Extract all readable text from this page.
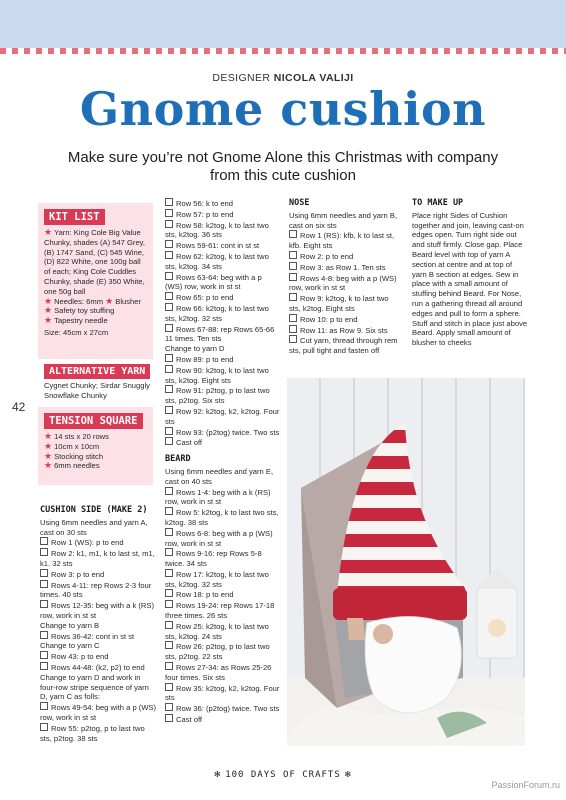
DESIGNER NICOLA VALIJI
Gnome cushion
Make sure you’re not Gnome Alone this Christmas with company from this cute cushion
42
KIT LIST
★ Yarn: King Cole Big Value Chunky, shades (A) 547 Grey, (B) 1747 Sand, (C) 545 Wine, (D) 822 White, one 100g ball of each; King Cole Cuddles Chunky, shade (E) 350 White, one 50g ball
★ Needles: 6mm ★ Blusher
★ Safety toy stuffing
★ Tapestry needle
Size: 45cm x 27cm
ALTERNATIVE YARN
Cygnet Chunky; Sirdar Snuggly Snowflake Chunky
TENSION SQUARE
★ 14 sts x 20 rows
★ 10cm x 10cm
★ Stocking stitch
★ 6mm needles
CUSHION SIDE (MAKE 2)
Using 6mm needles and yarn A, cast on 30 sts
Row 1 (WS): p to end
Row 2: k1, m1, k to last st, m1, k1. 32 sts
Row 3: p to end
Rows 4-11: rep Rows 2-3 four times. 40 sts
Rows 12-35: beg with a k (RS) row, work in st st
Change to yarn B
Rows 36-42: cont in st st
Change to yarn C
Row 43: p to end
Rows 44-48: (k2, p2) to end
Change to yarn D and work in four-row stripe sequence of yarn D, yarn C as folls:
Rows 49-54: beg with a p (WS) row, work in st st
Row 55: p2tog, p to last two sts, p2tog. 38 sts
Row 56: k to end
Row 57: p to end
Row 58: k2tog, k to last two sts, k2tog. 36 sts
Rows 59-61: cont in st st
Row 62: k2tog, k to last two sts, k2tog. 34 sts
Rows 63-64: beg with a p (WS) row, work in st st
Row 65: p to end
Row 66: k2tog, k to last two sts, k2tog. 32 sts
Rows 67-88: rep Rows 65-66 11 times. Ten sts
Change to yarn D
Row 89: p to end
Row 90: k2tog, k to last two sts, k2tog. Eight sts
Row 91: p2tog, p to last two sts, p2tog. Six sts
Row 92: k2tog, k2, k2tog. Four sts
Row 93: (p2tog) twice. Two sts
Cast off
BEARD
Using 6mm needles and yarn E, cast on 40 sts
Rows 1-4: beg with a k (RS) row, work in st st
Row 5: k2tog, k to last two sts, k2tog. 38 sts
Rows 6-8: beg with a p (WS) row, work in st st
Rows 9-16: rep Rows 5-8 twice. 34 sts
Row 17: k2tog, k to last two sts, k2tog. 32 sts
Row 18: p to end
Rows 19-24: rep Rows 17-18 three times. 26 sts
Row 25: k2tog, k to last two sts, k2tog. 24 sts
Row 26: p2tog, p to last two sts, p2tog. 22 sts
Rows 27-34: as Rows 25-26 four times. Six sts
Row 35: k2tog, k2, k2tog. Four sts
Row 36: (p2tog) twice. Two sts
Cast off
NOSE
Using 6mm needles and yarn B, cast on six sts
Row 1 (RS): kfb, k to last st, kfb. Eight sts
Row 2: p to end
Row 3: as Row 1. Ten sts
Rows 4-8: beg with a p (WS) row, work in st st
Row 9: k2tog, k to last two sts, k2tog. Eight sts
Row 10: p to end
Row 11: as Row 9. Six sts
Cut yarn, thread through rem sts, pull tight and fasten off
TO MAKE UP
Place right Sides of Cushion together and join, leaving cast-on edges open. Turn right side out and stuff firmly. Close gap. Place Beard level with top of yarn A section at centre and at top of yarn B section at edges. Sew in place with a small amount of stuffing behind Beard. For Nose, run a gathering thread all around edges and pull to form a sphere. Stuff and stitch in place just above Beard. Apply small amount of blusher to cheeks
✻ 100 DAYS OF CRAFTS ✻
PassionForum.ru
